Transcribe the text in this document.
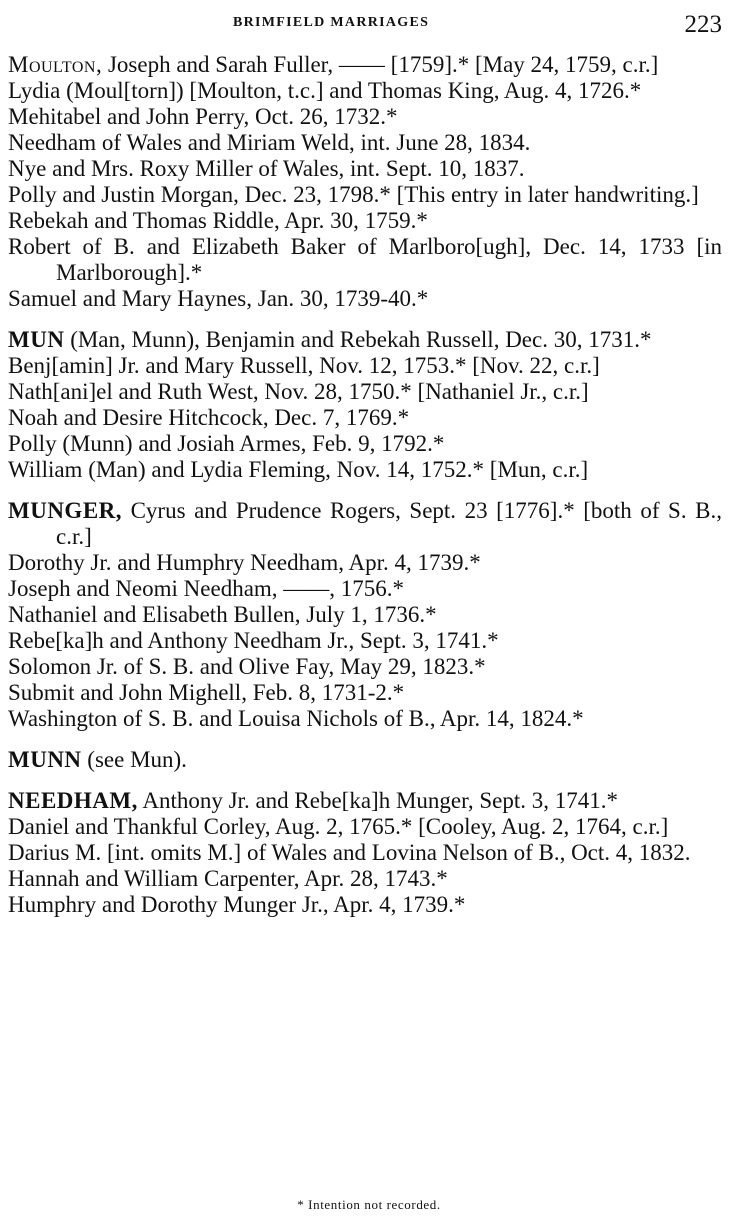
BRIMFIELD MARRIAGES	223
Moulton, Joseph and Sarah Fuller, —— [1759].* [May 24, 1759, c.r.]
Lydia (Moul[torn]) [Moulton, t.c.] and Thomas King, Aug. 4, 1726.*
Mehitabel and John Perry, Oct. 26, 1732.*
Needham of Wales and Miriam Weld, int. June 28, 1834.
Nye and Mrs. Roxy Miller of Wales, int. Sept. 10, 1837.
Polly and Justin Morgan, Dec. 23, 1798.* [This entry in later handwriting.]
Rebekah and Thomas Riddle, Apr. 30, 1759.*
Robert of B. and Elizabeth Baker of Marlboro[ugh], Dec. 14, 1733 [in Marlborough].*
Samuel and Mary Haynes, Jan. 30, 1739-40.*
MUN (Man, Munn), Benjamin and Rebekah Russell, Dec. 30, 1731.*
Benj[amin] Jr. and Mary Russell, Nov. 12, 1753.* [Nov. 22, c.r.]
Nath[ani]el and Ruth West, Nov. 28, 1750.* [Nathaniel Jr., c.r.]
Noah and Desire Hitchcock, Dec. 7, 1769.*
Polly (Munn) and Josiah Armes, Feb. 9, 1792.*
William (Man) and Lydia Fleming, Nov. 14, 1752.* [Mun, c.r.]
MUNGER, Cyrus and Prudence Rogers, Sept. 23 [1776].* [both of S. B., c.r.]
Dorothy Jr. and Humphry Needham, Apr. 4, 1739.*
Joseph and Neomi Needham, ——, 1756.*
Nathaniel and Elisabeth Bullen, July 1, 1736.*
Rebe[ka]h and Anthony Needham Jr., Sept. 3, 1741.*
Solomon Jr. of S. B. and Olive Fay, May 29, 1823.*
Submit and John Mighell, Feb. 8, 1731-2.*
Washington of S. B. and Louisa Nichols of B., Apr. 14, 1824.*
MUNN (see Mun).
NEEDHAM, Anthony Jr. and Rebe[ka]h Munger, Sept. 3, 1741.*
Daniel and Thankful Corley, Aug. 2, 1765.* [Cooley, Aug. 2, 1764, c.r.]
Darius M. [int. omits M.] of Wales and Lovina Nelson of B., Oct. 4, 1832.
Hannah and William Carpenter, Apr. 28, 1743.*
Humphry and Dorothy Munger Jr., Apr. 4, 1739.*
* Intention not recorded.
